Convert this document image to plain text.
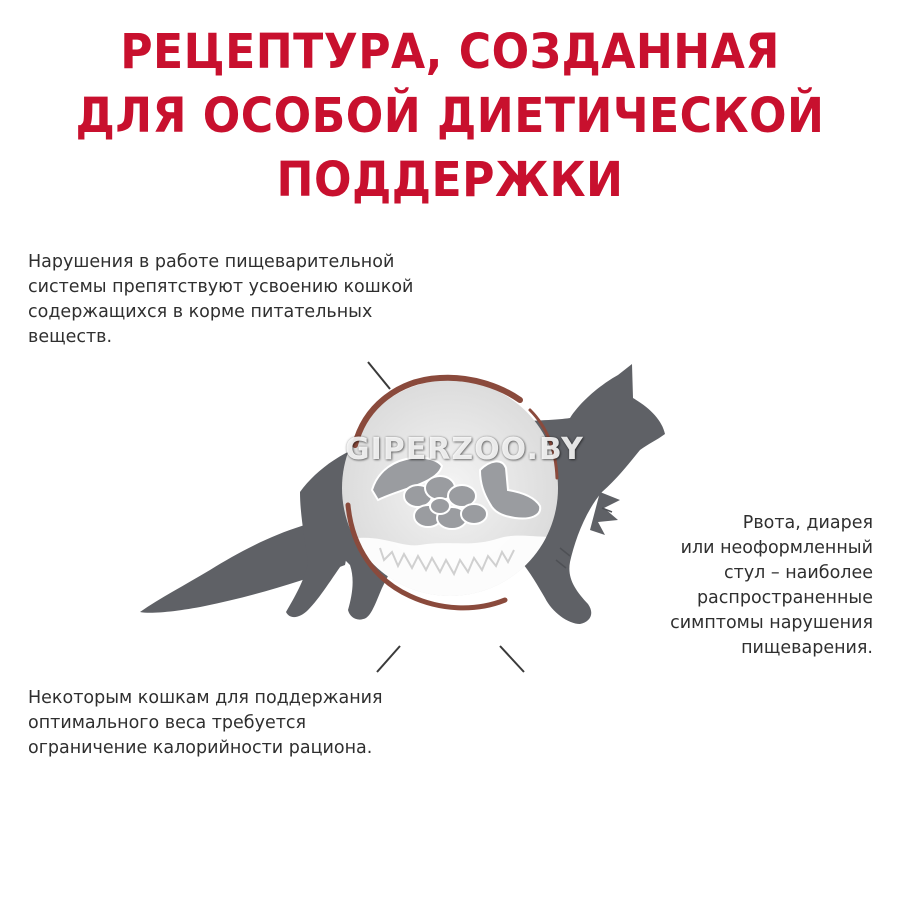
РЕЦЕПТУРА, СОЗДАННАЯ
ДЛЯ ОСОБОЙ ДИЕТИЧЕСКОЙ
ПОДДЕРЖКИ

Нарушения в работе пищеварительной
системы препятствуют усвоению кошкой
содержащихся в корме питательных
веществ.

GIPERZOO.BY

Рвота, диарея
или неоформленный
стул – наиболее
распространенные
симптомы нарушения
пищеварения.

Некоторым кошкам для поддержания
оптимального веса требуется
ограничение калорийности рациона.
